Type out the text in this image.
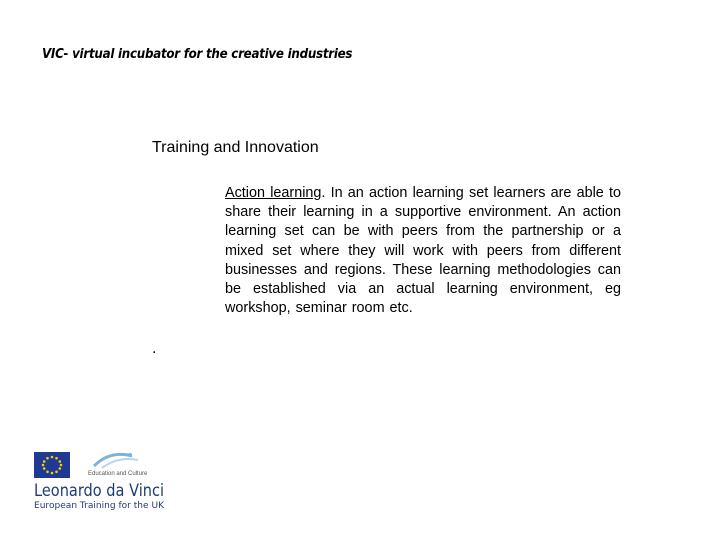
VIC- virtual incubator for the creative industries
Training and Innovation
Action learning. In an action learning set learners are able to share their learning in a supportive environment. An action learning set can be with peers from the partnership or a mixed set where they will work with peers from different businesses and regions. These learning methodologies can be established via an actual learning environment, eg workshop, seminar room etc.
.
Education and Culture
Leonardo da Vinci
European Training for the UK
